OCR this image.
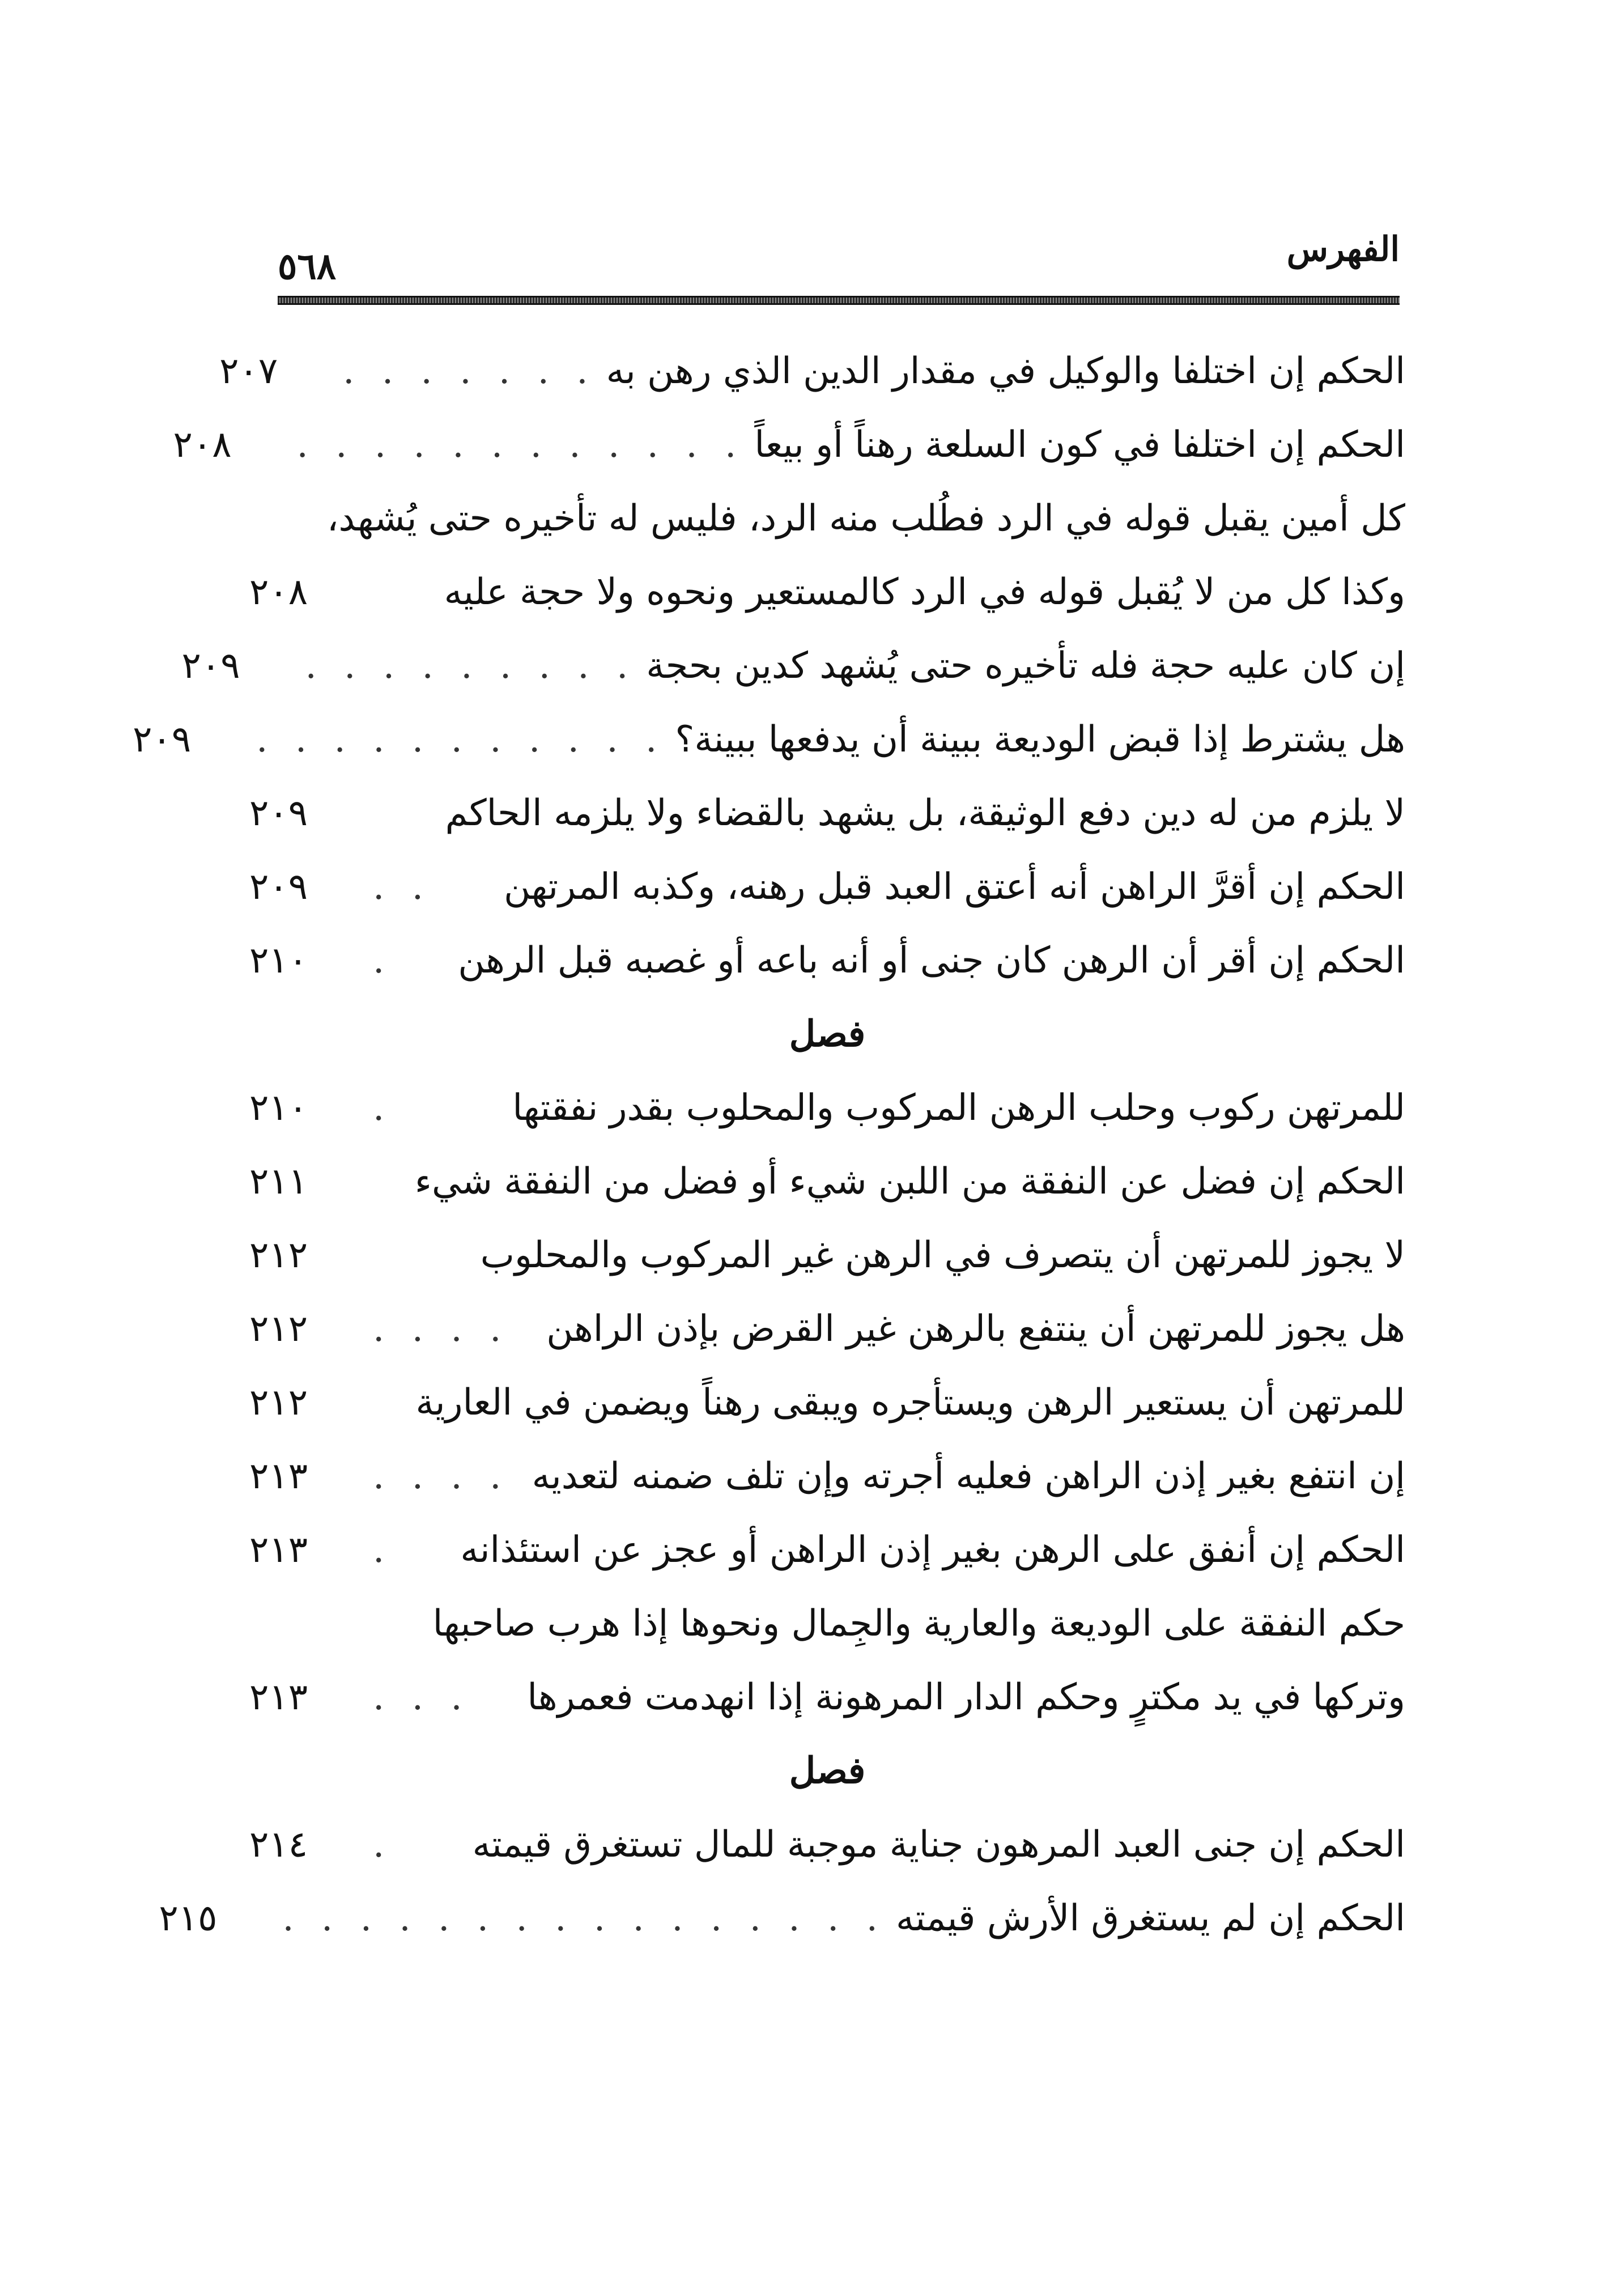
الفهرس
٥٦٨
الحكم إن اختلفا والوكيل في مقدار الدين الذي رهن به
. . . . . . .
٢٠٧
الحكم إن اختلفا في كون السلعة رهناً أو بيعاً
. . . . . . . . . . . .
٢٠٨
كل أمين يقبل قوله في الرد فطُلب منه الرد، فليس له تأخيره حتى يُشهد،
وكذا كل من لا يُقبل قوله في الرد كالمستعير ونحوه ولا حجة عليه
٢٠٨
إن كان عليه حجة فله تأخيره حتى يُشهد كدين بحجة
. . . . . . . . .
٢٠٩
هل يشترط إذا قبض الوديعة ببينة أن يدفعها ببينة؟
. . . . . . . . . . .
٢٠٩
لا يلزم من له دين دفع الوثيقة، بل يشهد بالقضاء ولا يلزمه الحاكم
٢٠٩
الحكم إن أقرَّ الراهن أنه أعتق العبد قبل رهنه، وكذبه المرتهن
. .
٢٠٩
الحكم إن أقر أن الرهن كان جنى أو أنه باعه أو غصبه قبل الرهن
.
٢١٠
فصل
للمرتهن ركوب وحلب الرهن المركوب والمحلوب بقدر نفقتها
.
٢١٠
الحكم إن فضل عن النفقة من اللبن شيء أو فضل من النفقة شيء
٢١١
لا يجوز للمرتهن أن يتصرف في الرهن غير المركوب والمحلوب
٢١٢
هل يجوز للمرتهن أن ينتفع بالرهن غير القرض بإذن الراهن
. . . .
٢١٢
للمرتهن أن يستعير الرهن ويستأجره ويبقى رهناً ويضمن في العارية
٢١٢
إن انتفع بغير إذن الراهن فعليه أجرته وإن تلف ضمنه لتعديه
. . . .
٢١٣
الحكم إن أنفق على الرهن بغير إذن الراهن أو عجز عن استئذانه
.
٢١٣
حكم النفقة على الوديعة والعارية والجِمال ونحوها إذا هرب صاحبها
وتركها في يد مكترٍ وحكم الدار المرهونة إذا انهدمت فعمرها
. . .
٢١٣
فصل
الحكم إن جنى العبد المرهون جناية موجبة للمال تستغرق قيمته
.
٢١٤
الحكم إن لم يستغرق الأرش قيمته
. . . . . . . . . . . . . . . .
٢١٥
